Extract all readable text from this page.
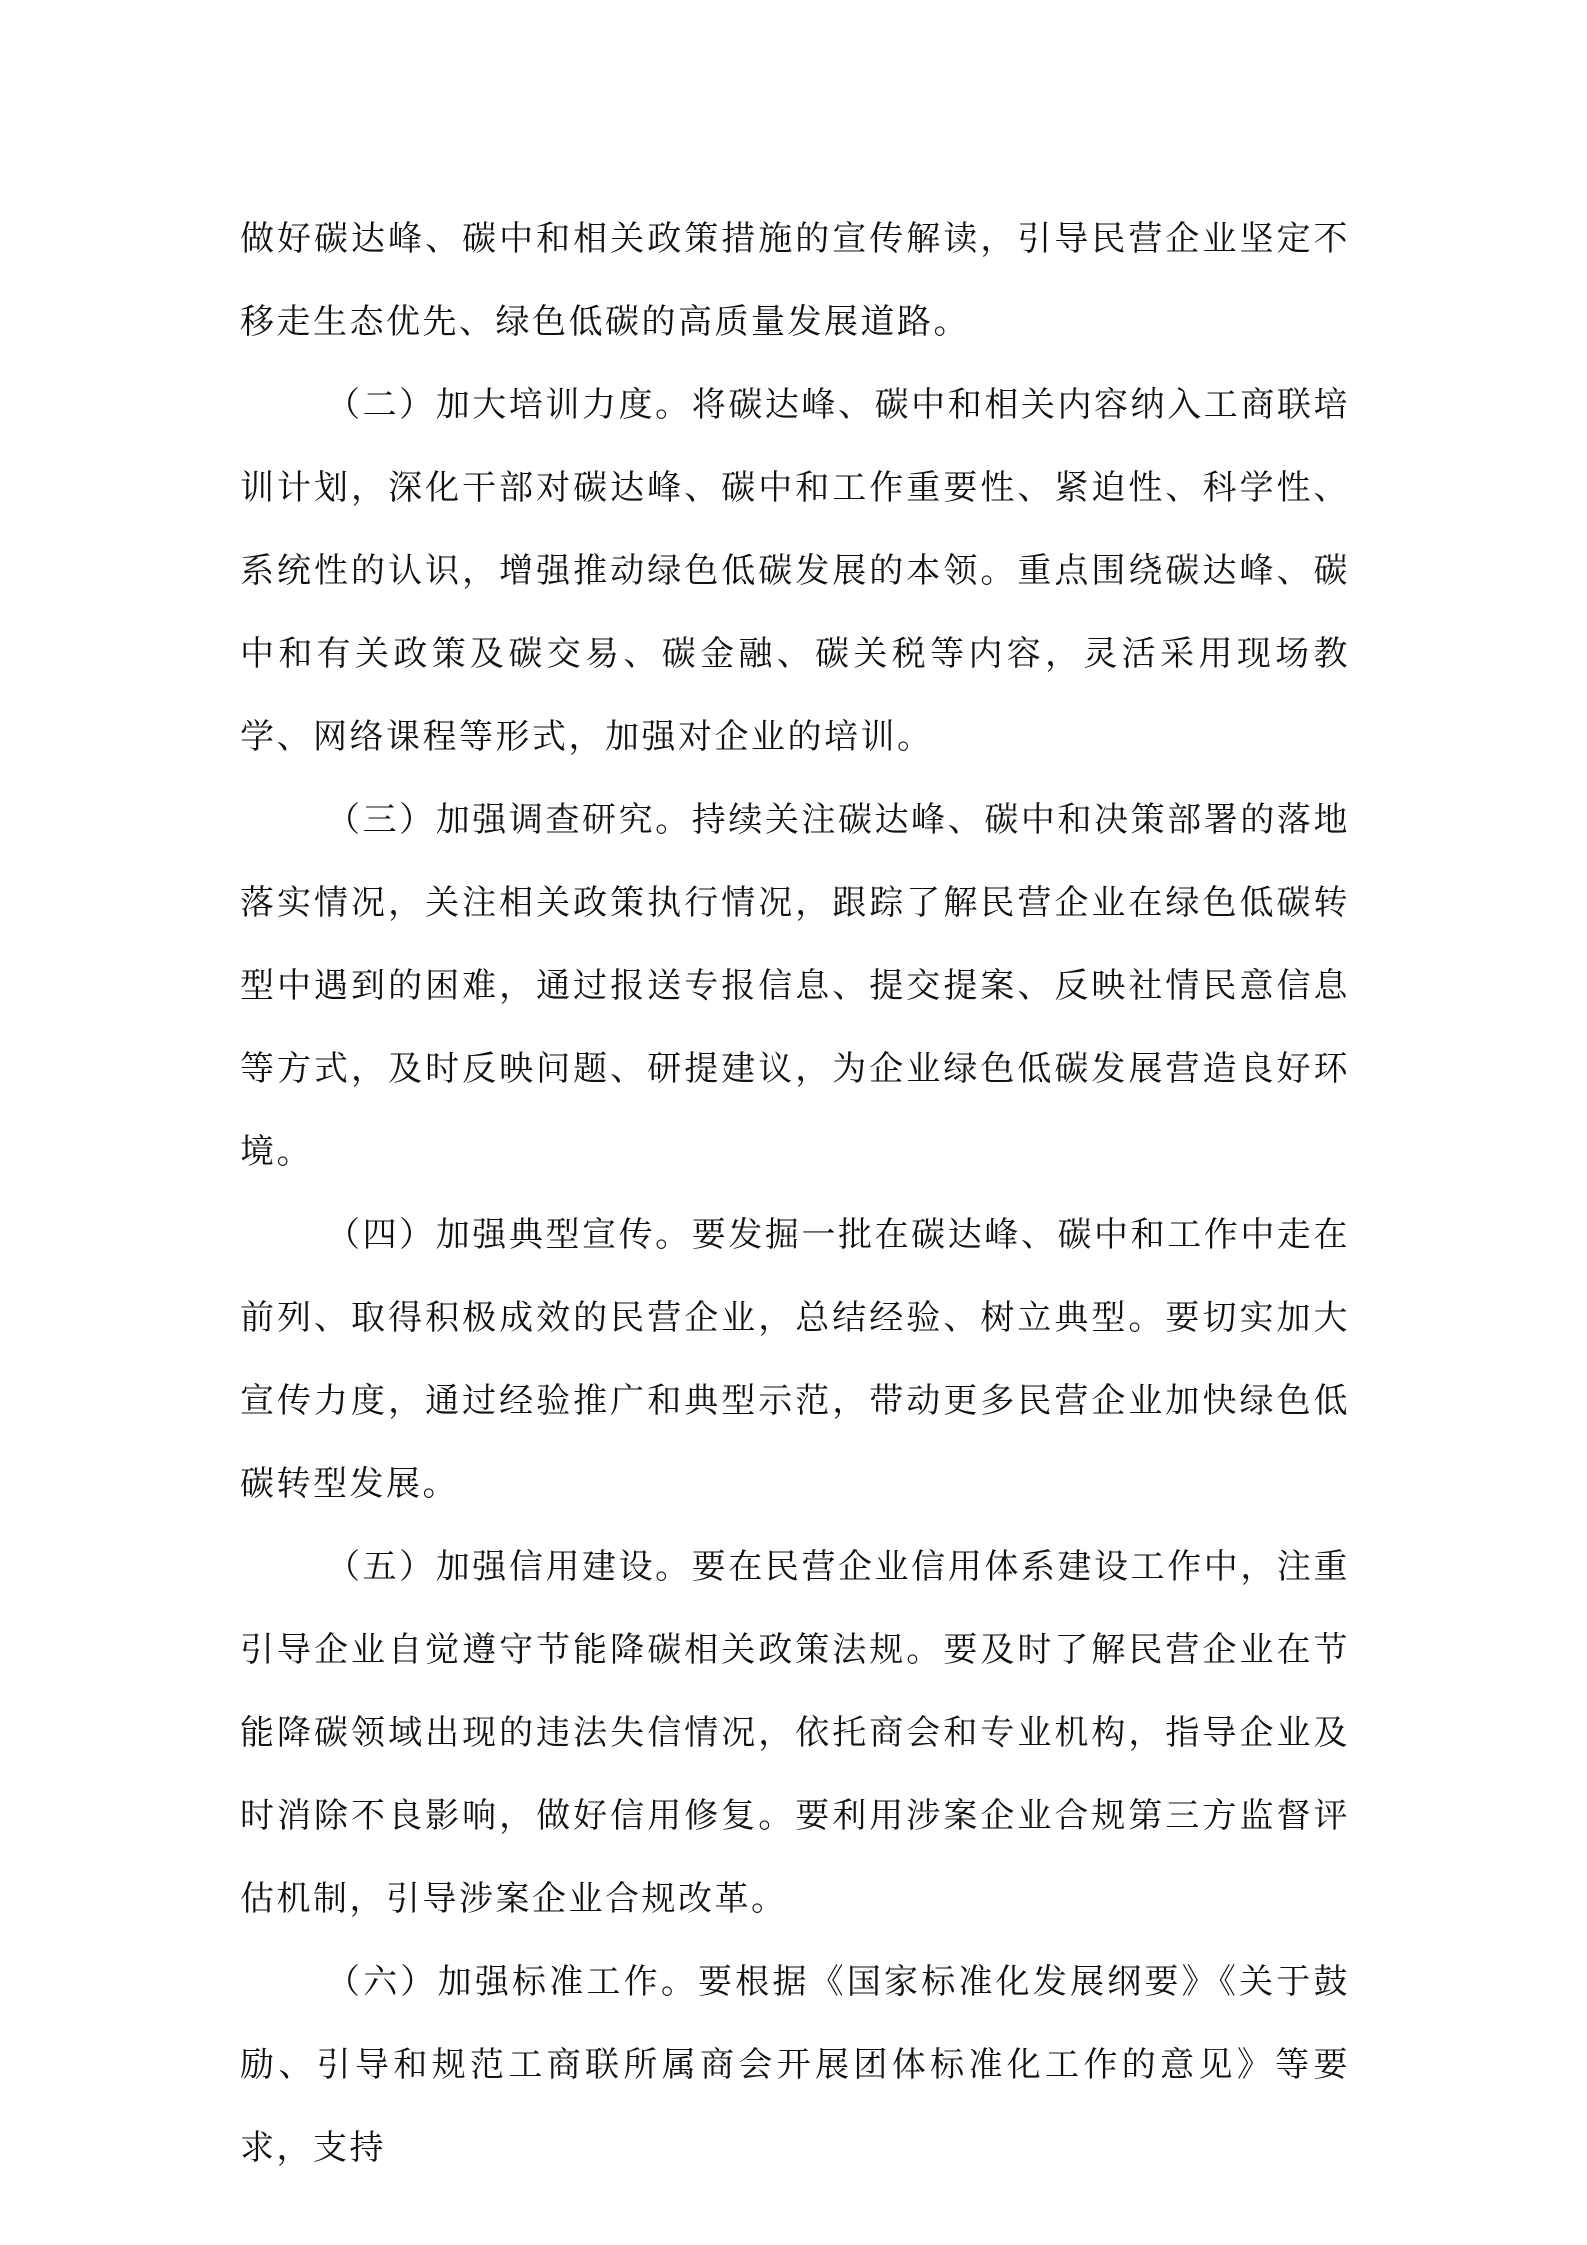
做好碳达峰、碳中和相关政策措施的宣传解读，引导民营企业坚定不移走生态优先、绿色低碳的高质量发展道路。

（二）加大培训力度。将碳达峰、碳中和相关内容纳入工商联培训计划，深化干部对碳达峰、碳中和工作重要性、紧迫性、科学性、系统性的认识，增强推动绿色低碳发展的本领。重点围绕碳达峰、碳中和有关政策及碳交易、碳金融、碳关税等内容，灵活采用现场教学、网络课程等形式，加强对企业的培训。

（三）加强调查研究。持续关注碳达峰、碳中和决策部署的落地落实情况，关注相关政策执行情况，跟踪了解民营企业在绿色低碳转型中遇到的困难，通过报送专报信息、提交提案、反映社情民意信息等方式，及时反映问题、研提建议，为企业绿色低碳发展营造良好环境。

（四）加强典型宣传。要发掘一批在碳达峰、碳中和工作中走在前列、取得积极成效的民营企业，总结经验、树立典型。要切实加大宣传力度，通过经验推广和典型示范，带动更多民营企业加快绿色低碳转型发展。

（五）加强信用建设。要在民营企业信用体系建设工作中，注重引导企业自觉遵守节能降碳相关政策法规。要及时了解民营企业在节能降碳领域出现的违法失信情况，依托商会和专业机构，指导企业及时消除不良影响，做好信用修复。要利用涉案企业合规第三方监督评估机制，引导涉案企业合规改革。

（六）加强标准工作。要根据《国家标准化发展纲要》《关于鼓励、引导和规范工商联所属商会开展团体标准化工作的意见》等要求，支持
